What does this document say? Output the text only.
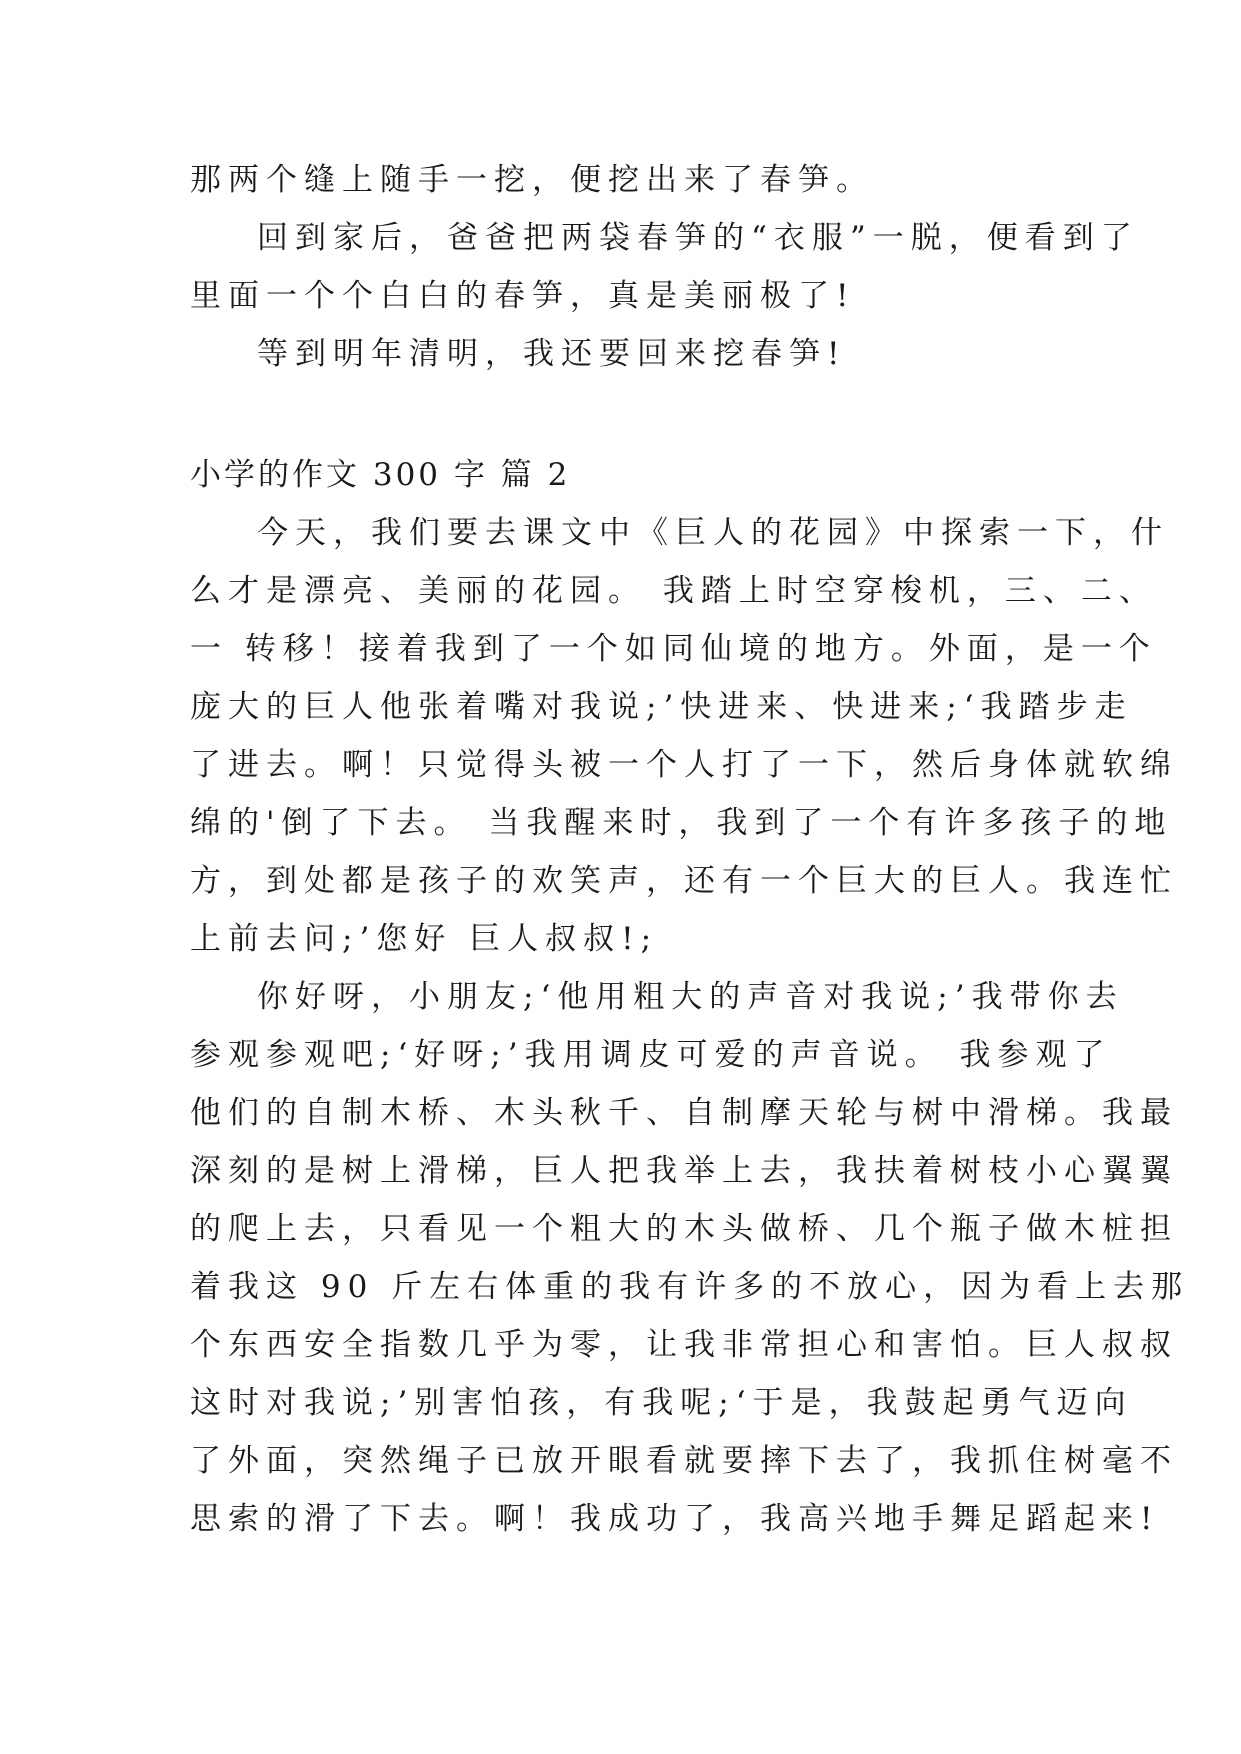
那两个缝上随手一挖，便挖出来了春笋。

回到家后，爸爸把两袋春笋的“衣服”一脱，便看到了

里面一个个白白的春笋，真是美丽极了!

等到明年清明，我还要回来挖春笋!

小学的作文 300 字 篇 2

今天，我们要去课文中《巨人的花园》中探索一下，什

么才是漂亮、美丽的花园。 我踏上时空穿梭机，三、二、

一 转移！接着我到了一个如同仙境的地方。外面，是一个

庞大的巨人他张着嘴对我说;’快进来、快进来;‘我踏步走

了进去。啊！只觉得头被一个人打了一下，然后身体就软绵

绵的'倒了下去。 当我醒来时，我到了一个有许多孩子的地

方，到处都是孩子的欢笑声，还有一个巨大的巨人。我连忙

上前去问;’您好 巨人叔叔!;

你好呀，小朋友;‘他用粗大的声音对我说;’我带你去

参观参观吧;‘好呀;’我用调皮可爱的声音说。 我参观了

他们的自制木桥、木头秋千、自制摩天轮与树中滑梯。我最

深刻的是树上滑梯，巨人把我举上去，我扶着树枝小心翼翼

的爬上去，只看见一个粗大的木头做桥、几个瓶子做木桩担

着我这 90 斤左右体重的我有许多的不放心，因为看上去那

个东西安全指数几乎为零，让我非常担心和害怕。巨人叔叔

这时对我说;’别害怕孩，有我呢;‘于是，我鼓起勇气迈向

了外面，突然绳子已放开眼看就要摔下去了，我抓住树毫不

思索的滑了下去。啊！我成功了，我高兴地手舞足蹈起来!
